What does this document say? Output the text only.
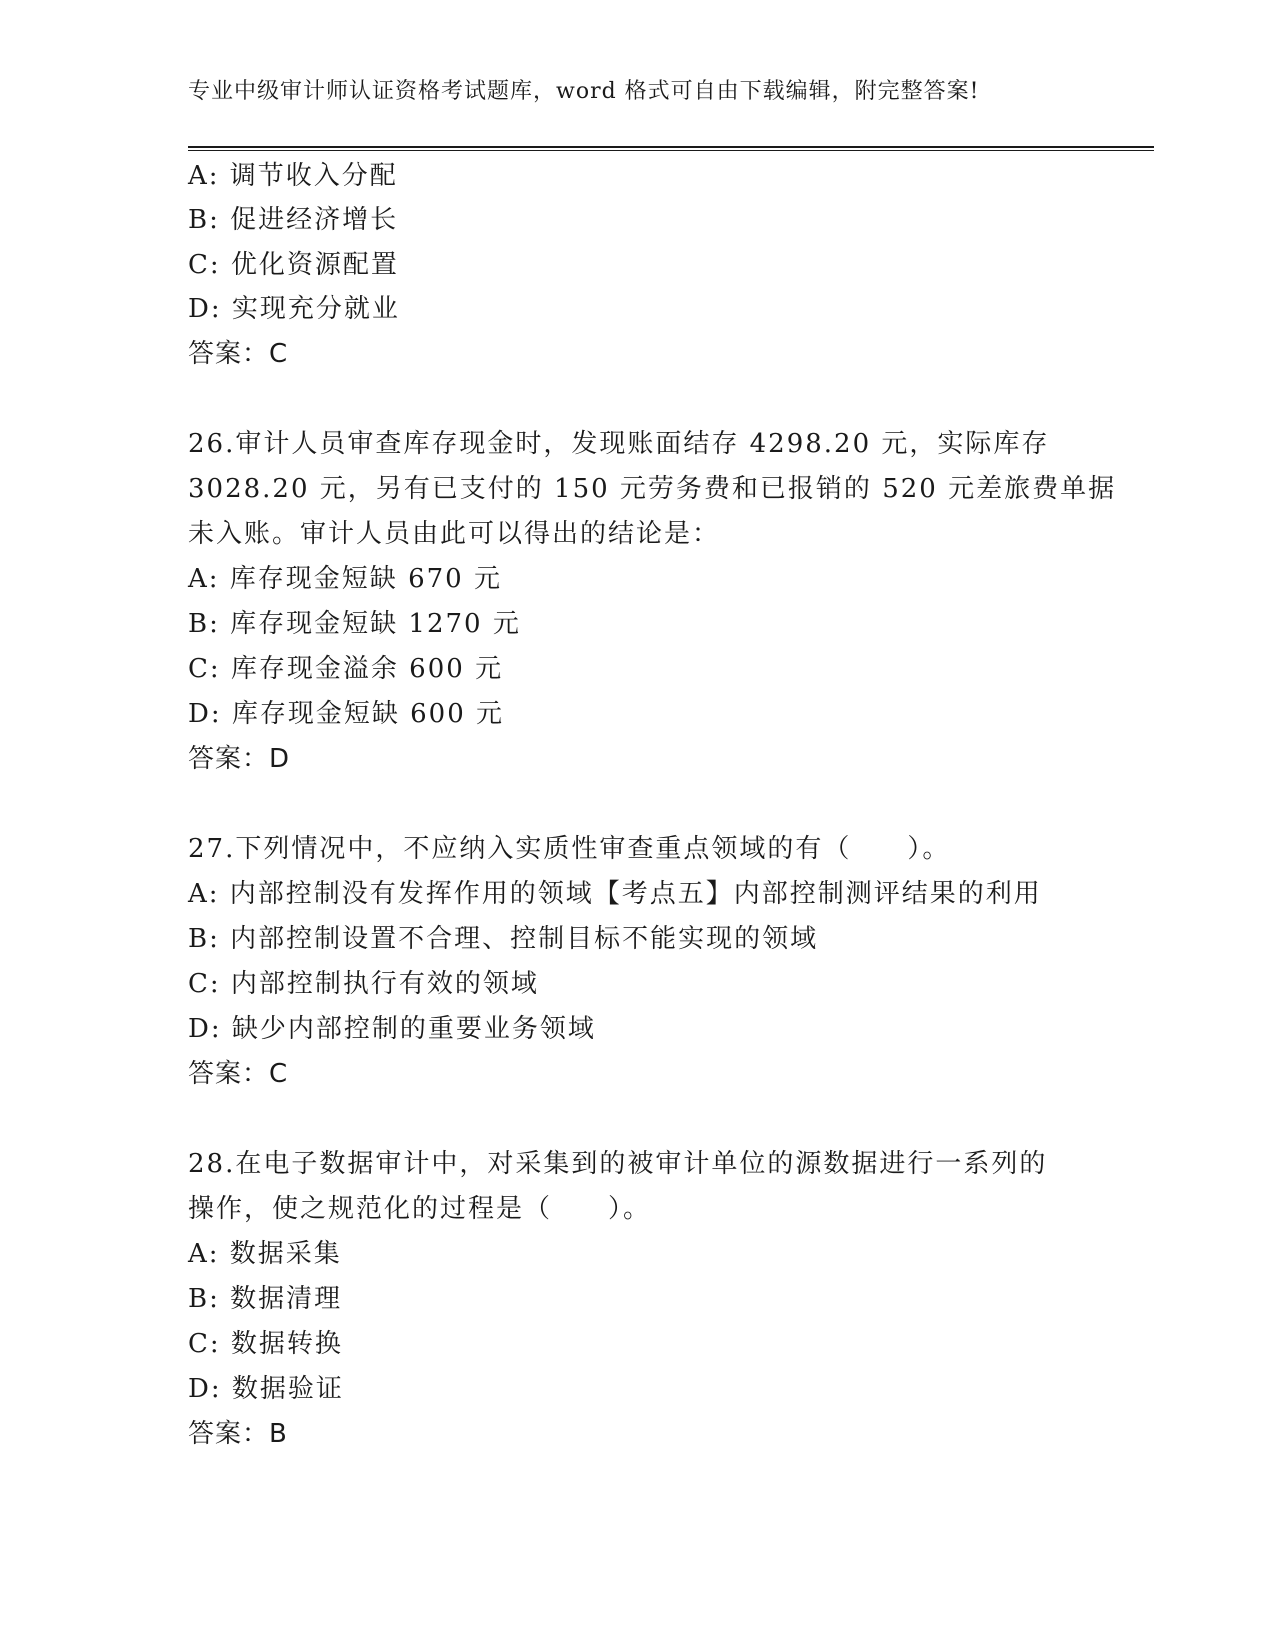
专业中级审计师认证资格考试题库，word 格式可自由下载编辑，附完整答案!
A: 调节收入分配
B: 促进经济增长
C: 优化资源配置
D: 实现充分就业
答案：C
26.审计人员审查库存现金时，发现账面结存 4298.20 元，实际库存
3028.20 元，另有已支付的 150 元劳务费和已报销的 520 元差旅费单据
未入账。审计人员由此可以得出的结论是：
A: 库存现金短缺 670 元
B: 库存现金短缺 1270 元
C: 库存现金溢余 600 元
D: 库存现金短缺 600 元
答案：D
27.下列情况中，不应纳入实质性审查重点领域的有（　　）。
A: 内部控制没有发挥作用的领域【考点五】内部控制测评结果的利用
B: 内部控制设置不合理、控制目标不能实现的领域
C: 内部控制执行有效的领域
D: 缺少内部控制的重要业务领域
答案：C
28.在电子数据审计中，对采集到的被审计单位的源数据进行一系列的
操作，使之规范化的过程是（　　）。
A: 数据采集
B: 数据清理
C: 数据转换
D: 数据验证
答案：B
